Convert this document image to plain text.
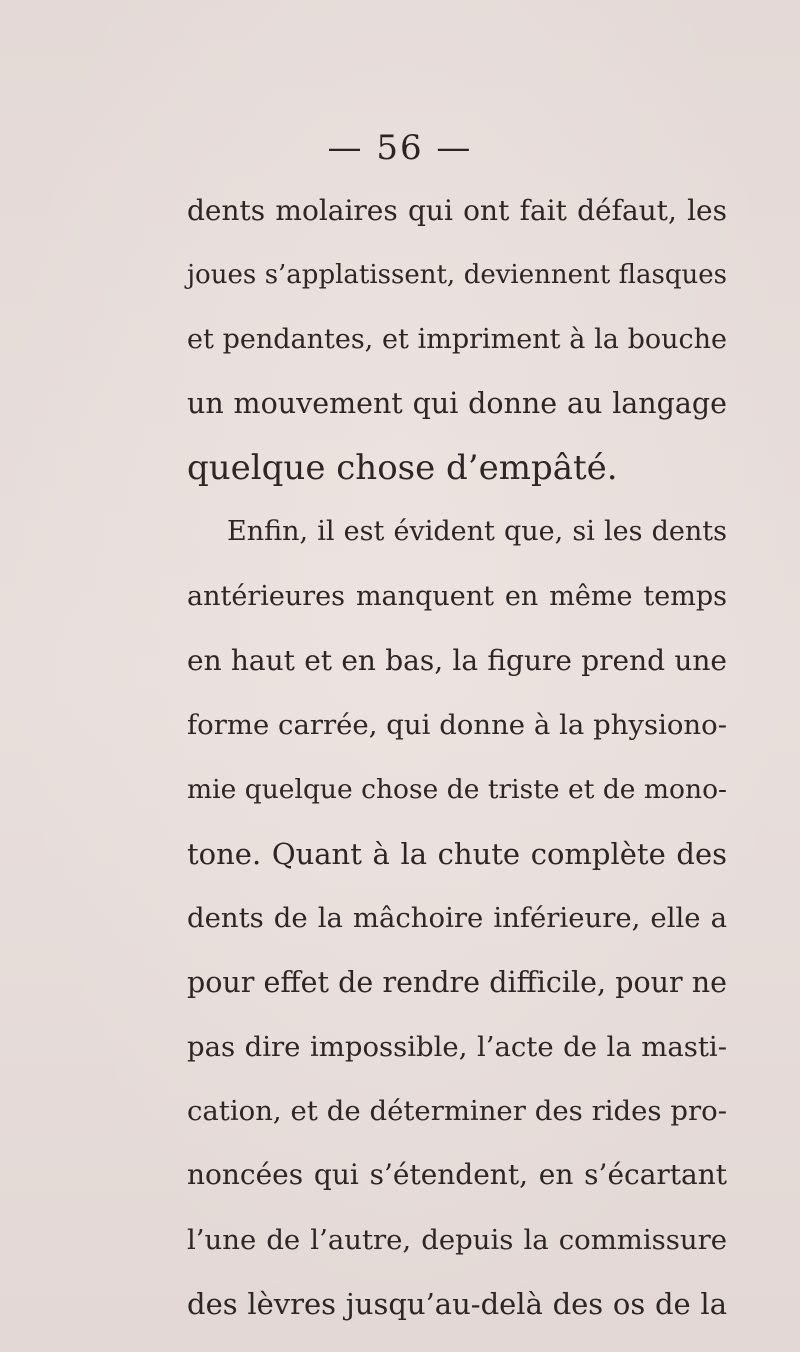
— 56 —
dents molaires qui ont fait défaut, les
joues s’applatissent, deviennent flasques
et pendantes, et impriment à la bouche
un mouvement qui donne au langage
quelque chose d’empâté.
Enfin, il est évident que, si les dents
antérieures manquent en même temps
en haut et en bas, la figure prend une
forme carrée, qui donne à la physiono-
mie quelque chose de triste et de mono-
tone. Quant à la chute complète des
dents de la mâchoire inférieure, elle a
pour effet de rendre difficile, pour ne
pas dire impossible, l’acte de la masti-
cation, et de déterminer des rides pro-
noncées qui s’étendent, en s’écartant
l’une de l’autre, depuis la commissure
des lèvres jusqu’au-delà des os de la
